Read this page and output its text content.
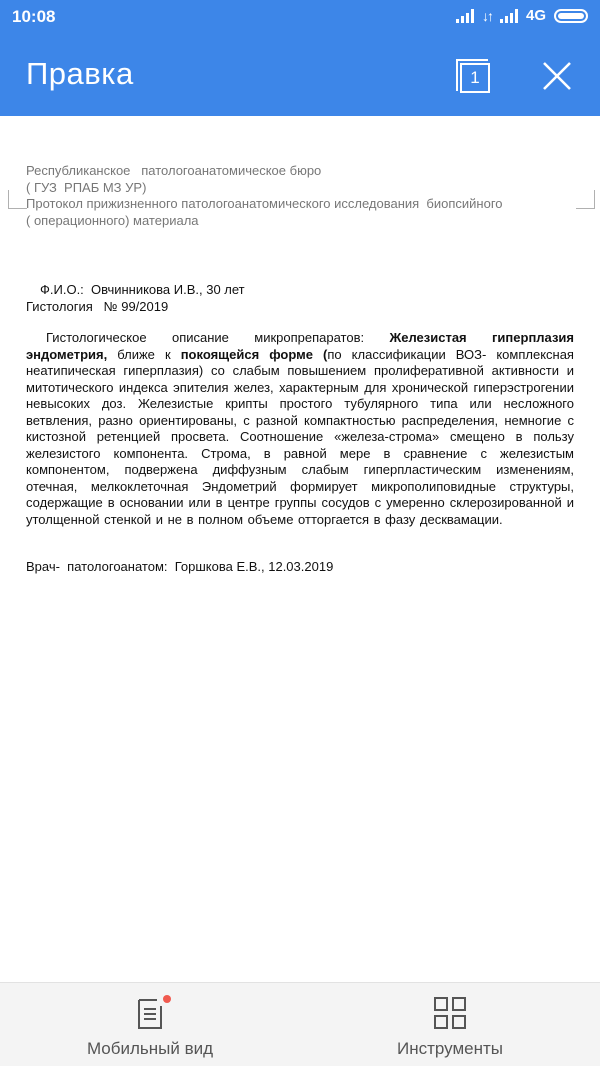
10:08	↓↑ 4G
Правка	1
Республиканское   патологоанатомическое бюро
( ГУЗ  РПАБ МЗ УР)
Протокол прижизненного патологоанатомического исследования  биопсийного
( операционного) материала
Ф.И.О.:  Овчинникова И.В., 30 лет
Гистология   № 99/2019
Гистологическое описание микропрепаратов: Железистая гиперплазия эндометрия, ближе к покоящейся форме (по классификации ВОЗ- комплексная неатипическая гиперплазия) со слабым повышением пролиферативной активности и митотического индекса эпителия желез, характерным для хронической гиперэстрогении невысоких доз. Железистые крипты простого тубулярного типа или несложного ветвления, разно ориентированы, с разной компактностью распределения, немногие с кистозной ретенцией просвета. Соотношение «железа-строма» смещено в пользу железистого компонента. Строма, в равной мере в сравнение с железистым компонентом, подвержена диффузным слабым гиперпластическим изменениям, отечная, мелкоклеточная Эндометрий формирует микрополиповидные структуры, содержащие в основании или в центре группы сосудов с умеренно склерозированной и утолщенной стенкой и не в полном объеме отторгается в фазу десквамации.
Врач-  патологоанатом:  Горшкова Е.В., 12.03.2019
Мобильный вид	Инструменты
